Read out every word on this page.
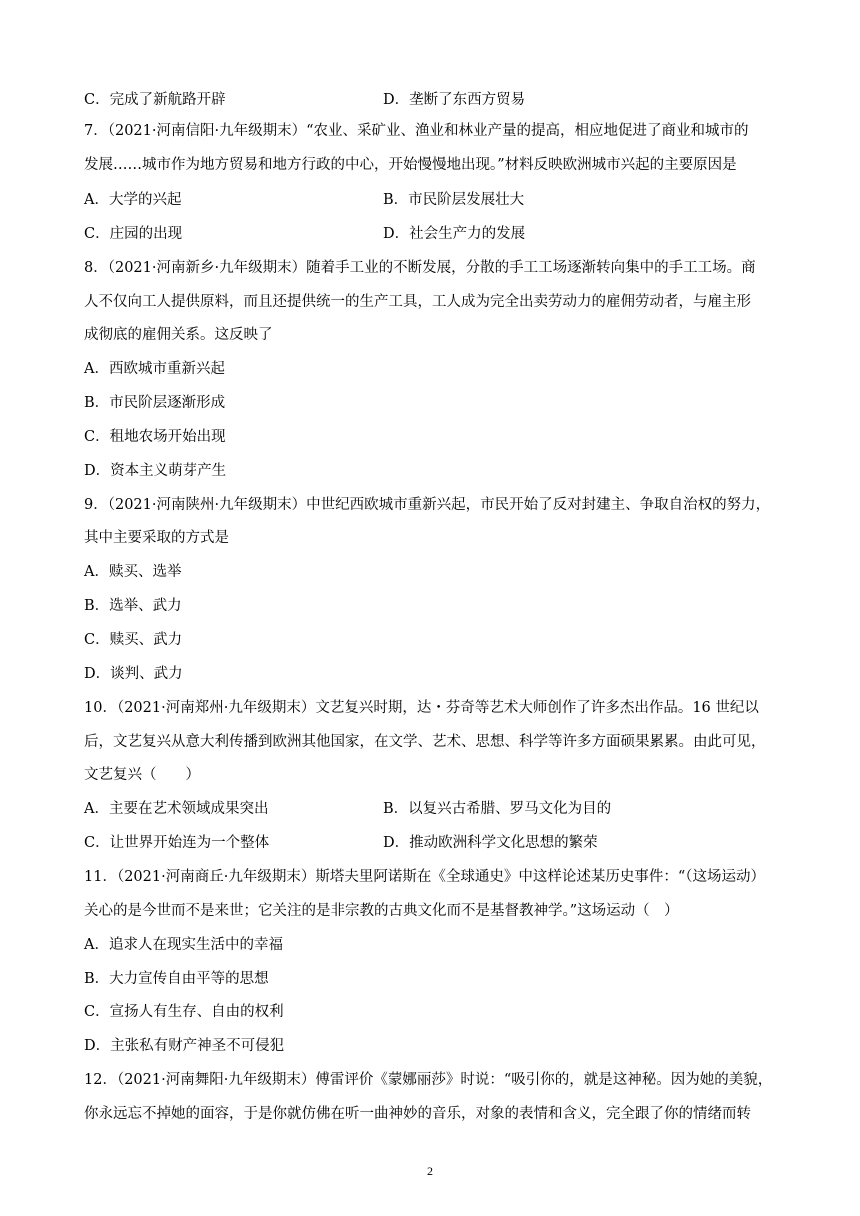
C．完成了新航路开辟	D．垄断了东西方贸易
7．（2021·河南信阳·九年级期末）“农业、采矿业、渔业和林业产量的提高，相应地促进了商业和城市的
发展……城市作为地方贸易和地方行政的中心，开始慢慢地出现。”材料反映欧洲城市兴起的主要原因是
A．大学的兴起	B．市民阶层发展壮大
C．庄园的出现	D．社会生产力的发展
8．（2021·河南新乡·九年级期末）随着手工业的不断发展，分散的手工工场逐渐转向集中的手工工场。商
人不仅向工人提供原料，而且还提供统一的生产工具，工人成为完全出卖劳动力的雇佣劳动者，与雇主形
成彻底的雇佣关系。这反映了
A．西欧城市重新兴起
B．市民阶层逐渐形成
C．租地农场开始出现
D．资本主义萌芽产生
9．（2021·河南陕州·九年级期末）中世纪西欧城市重新兴起，市民开始了反对封建主、争取自治权的努力，
其中主要采取的方式是
A．赎买、选举
B．选举、武力
C．赎买、武力
D．谈判、武力
10．（2021·河南郑州·九年级期末）文艺复兴时期，达・芬奇等艺术大师创作了许多杰出作品。16 世纪以
后，文艺复兴从意大利传播到欧洲其他国家，在文学、艺术、思想、科学等许多方面硕果累累。由此可见，
文艺复兴（　　）
A．主要在艺术领域成果突出	B．以复兴古希腊、罗马文化为目的
C．让世界开始连为一个整体	D．推动欧洲科学文化思想的繁荣
11．（2021·河南商丘·九年级期末）斯塔夫里阿诺斯在《全球通史》中这样论述某历史事件：“（这场运动）
关心的是今世而不是来世；它关注的是非宗教的古典文化而不是基督教神学。”这场运动（　）
A．追求人在现实生活中的幸福
B．大力宣传自由平等的思想
C．宣扬人有生存、自由的权利
D．主张私有财产神圣不可侵犯
12．（2021·河南舞阳·九年级期末）傅雷评价《蒙娜丽莎》时说：“吸引你的，就是这神秘。因为她的美貌，
你永远忘不掉她的面容，于是你就仿佛在听一曲神妙的音乐，对象的表情和含义，完全跟了你的情绪而转
2
